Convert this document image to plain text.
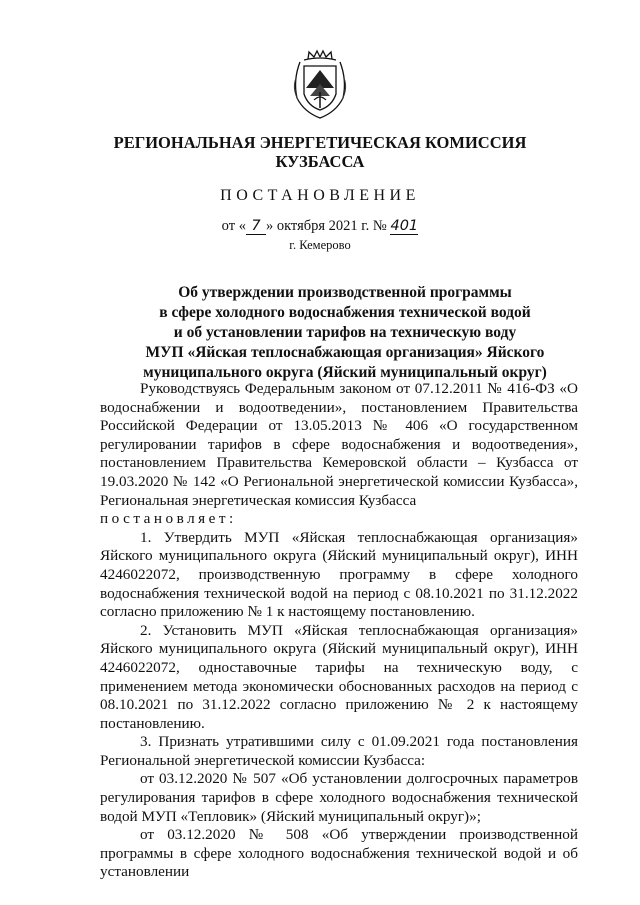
РЕГИОНАЛЬНАЯ ЭНЕРГЕТИЧЕСКАЯ КОМИССИЯ
КУЗБАССА
ПОСТАНОВЛЕНИЕ
от « 7 » октября 2021 г. № 401
г. Кемерово
Об утверждении производственной программы
в сфере холодного водоснабжения технической водой
и об установлении тарифов на техническую воду
МУП «Яйская теплоснабжающая организация» Яйского
муниципального округа (Яйский муниципальный округ)

Руководствуясь Федеральным законом от 07.12.2011 № 416-ФЗ «О водоснабжении и водоотведении», постановлением Правительства Российской Федерации от 13.05.2013 № 406 «О государственном регулировании тарифов в сфере водоснабжения и водоотведения», постановлением Правительства Кемеровской области – Кузбасса от 19.03.2020 № 142 «О Региональной энергетической комиссии Кузбасса», Региональная энергетическая комиссия Кузбасса

постановляет:

1. Утвердить МУП «Яйская теплоснабжающая организация» Яйского муниципального округа (Яйский муниципальный округ), ИНН 4246022072, производственную программу в сфере холодного водоснабжения технической водой на период с 08.10.2021 по 31.12.2022 согласно приложению № 1 к настоящему постановлению.

2. Установить МУП «Яйская теплоснабжающая организация» Яйского муниципального округа (Яйский муниципальный округ), ИНН 4246022072, одноставочные тарифы на техническую воду, с применением метода экономически обоснованных расходов на период с 08.10.2021 по 31.12.2022 согласно приложению № 2 к настоящему постановлению.

3. Признать утратившими силу с 01.09.2021 года постановления Региональной энергетической комиссии Кузбасса:

от 03.12.2020 № 507 «Об установлении долгосрочных параметров регулирования тарифов в сфере холодного водоснабжения технической водой МУП «Тепловик» (Яйский муниципальный округ)»;

от 03.12.2020 № 508 «Об утверждении производственной программы в сфере холодного водоснабжения технической водой и об установлении
